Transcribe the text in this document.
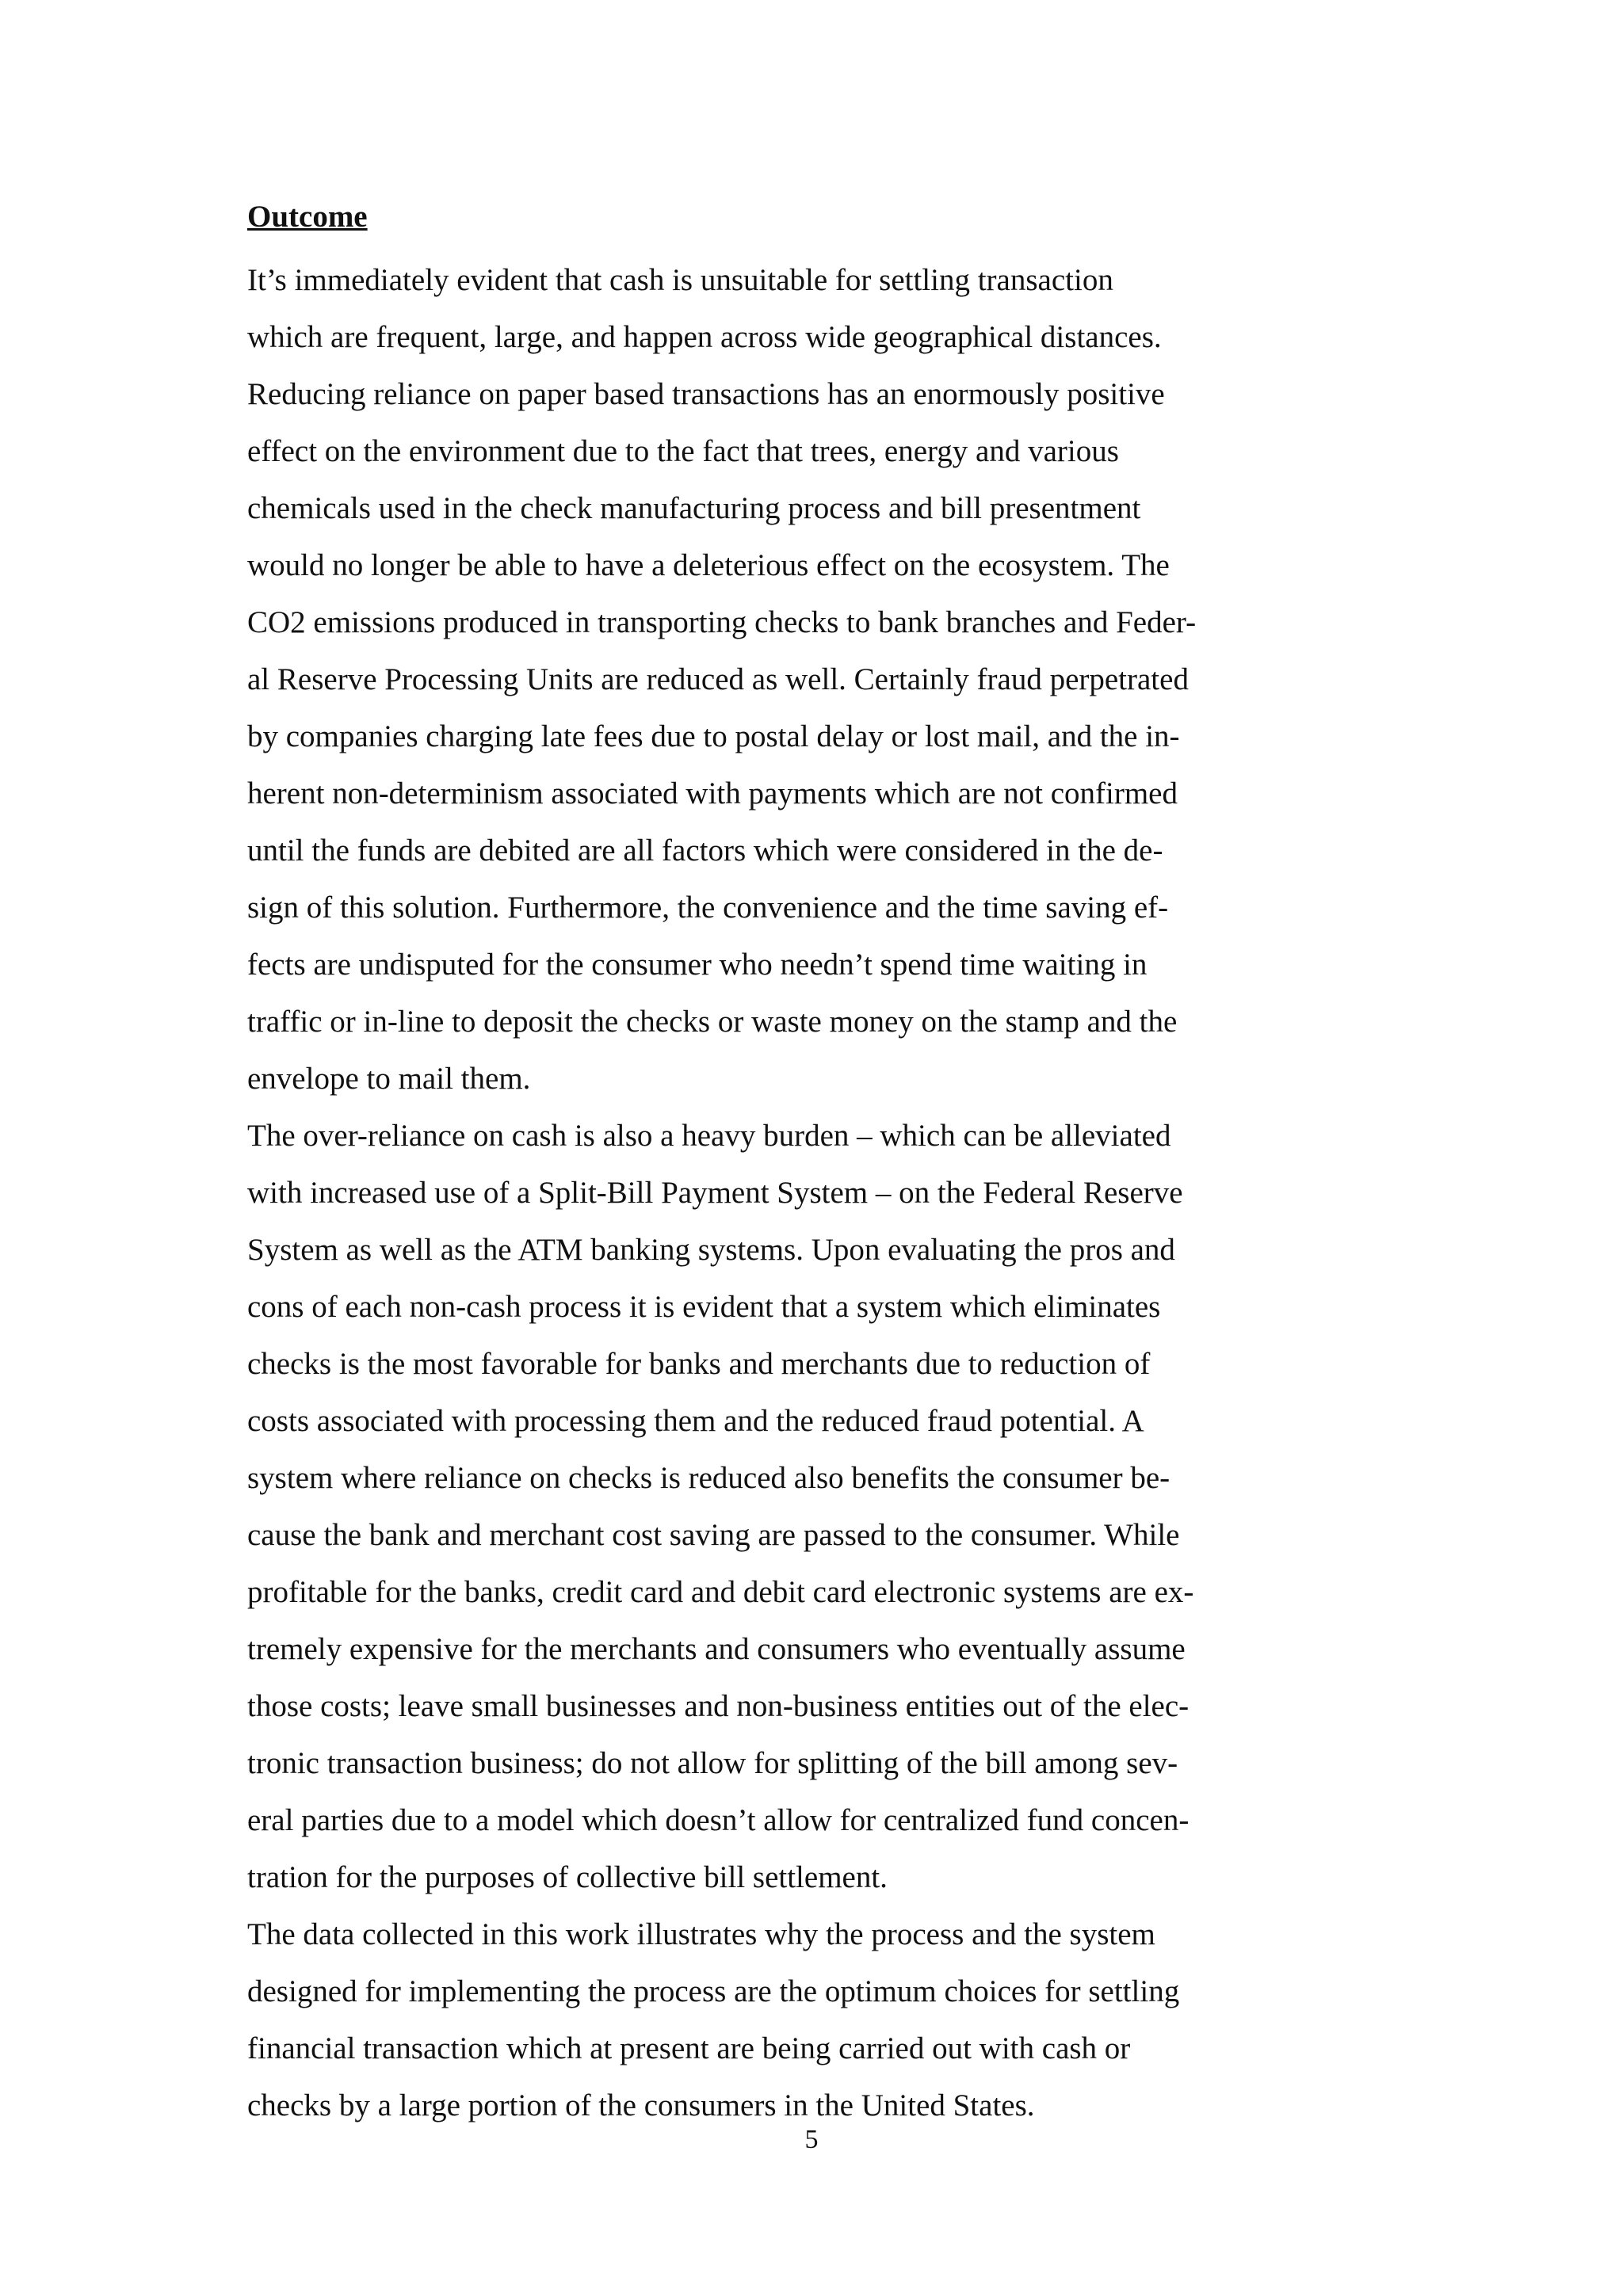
Outcome
It’s immediately evident that cash is unsuitable for settling transaction
which are frequent, large, and happen across wide geographical distances.
Reducing reliance on paper based transactions has an enormously positive
effect on the environment due to the fact that trees, energy and various
chemicals used in the check manufacturing process and bill presentment
would no longer be able to have a deleterious effect on the ecosystem. The
CO2 emissions produced in transporting checks to bank branches and Feder-
al Reserve Processing Units are reduced as well. Certainly fraud perpetrated
by companies charging late fees due to postal delay or lost mail, and the in-
herent non-determinism associated with payments which are not confirmed
until the funds are debited are all factors which were considered in the de-
sign of this solution. Furthermore, the convenience and the time saving ef-
fects are undisputed for the consumer who needn’t spend time waiting in
traffic or in-line to deposit the checks or waste money on the stamp and the
envelope to mail them.
The over-reliance on cash is also a heavy burden – which can be alleviated
with increased use of a Split-Bill Payment System – on the Federal Reserve
System as well as the ATM banking systems. Upon evaluating the pros and
cons of each non-cash process it is evident that a system which eliminates
checks is the most favorable for banks and merchants due to reduction of
costs associated with processing them and the reduced fraud potential. A
system where reliance on checks is reduced also benefits the consumer be-
cause the bank and merchant cost saving are passed to the consumer. While
profitable for the banks, credit card and debit card electronic systems are ex-
tremely expensive for the merchants and consumers who eventually assume
those costs; leave small businesses and non-business entities out of the elec-
tronic transaction business; do not allow for splitting of the bill among sev-
eral parties due to a model which doesn’t allow for centralized fund concen-
tration for the purposes of collective bill settlement.
The data collected in this work illustrates why the process and the system
designed for implementing the process are the optimum choices for settling
financial transaction which at present are being carried out with cash or
checks by a large portion of the consumers in the United States.
5
